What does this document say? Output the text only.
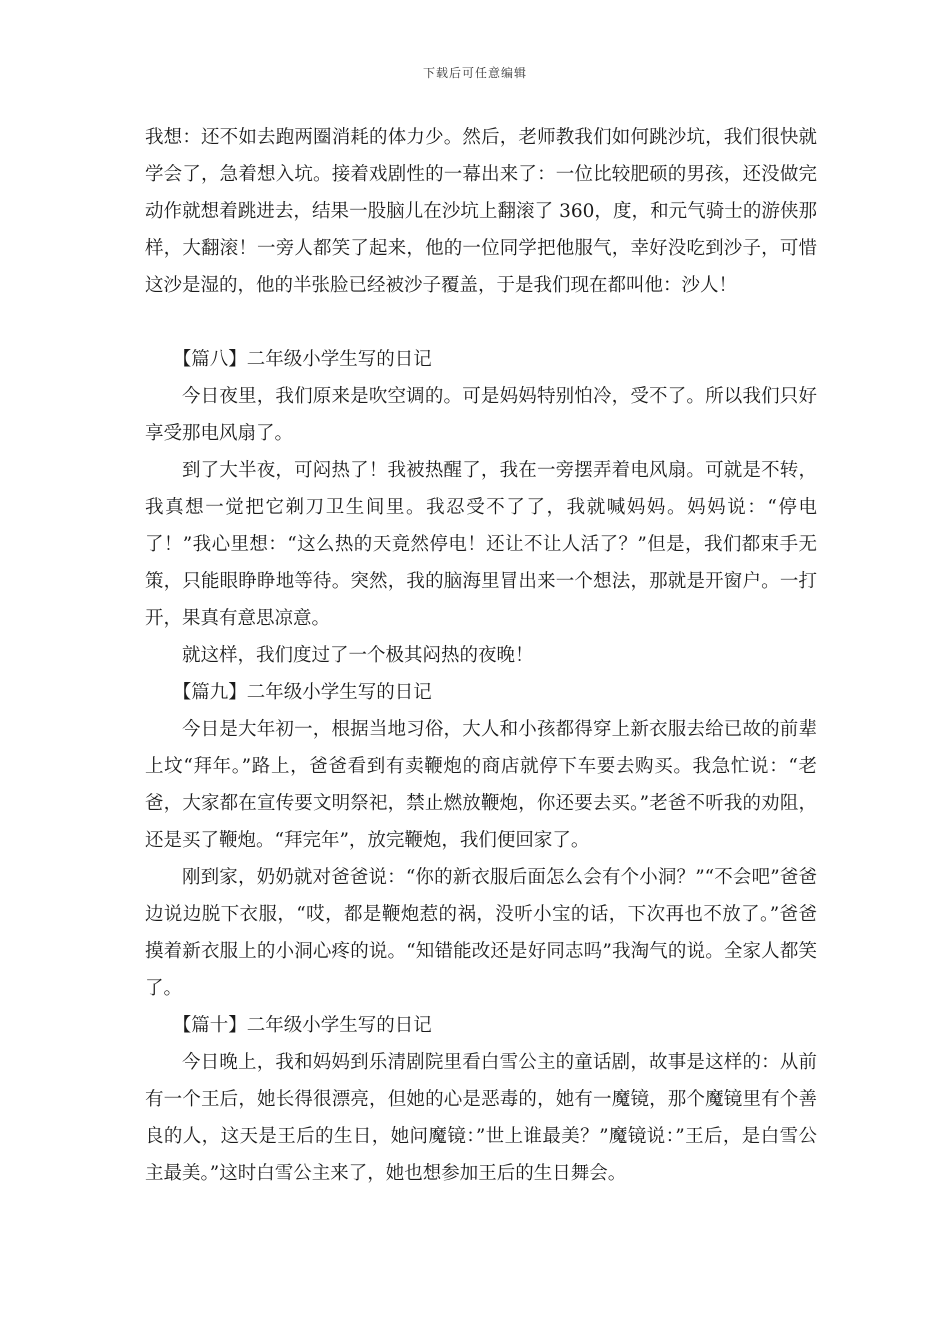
下载后可任意编辑

我想：还不如去跑两圈消耗的体力少。然后，老师教我们如何跳沙坑，我们很快就学会了，急着想入坑。接着戏剧性的一幕出来了：一位比较肥硕的男孩，还没做完动作就想着跳进去，结果一股脑儿在沙坑上翻滚了 360，度，和元气骑士的游侠那样，大翻滚！一旁人都笑了起来，他的一位同学把他服气，幸好没吃到沙子，可惜这沙是湿的，他的半张脸已经被沙子覆盖，于是我们现在都叫他：沙人！

【篇八】二年级小学生写的日记

今日夜里，我们原来是吹空调的。可是妈妈特别怕冷，受不了。所以我们只好享受那电风扇了。

到了大半夜，可闷热了！我被热醒了，我在一旁摆弄着电风扇。可就是不转，我真想一觉把它剃刀卫生间里。我忍受不了了，我就喊妈妈。妈妈说：“停电了！”我心里想：“这么热的天竟然停电！还让不让人活了？”但是，我们都束手无策，只能眼睁睁地等待。突然，我的脑海里冒出来一个想法，那就是开窗户。一打开，果真有意思凉意。

就这样，我们度过了一个极其闷热的夜晚！

【篇九】二年级小学生写的日记

今日是大年初一，根据当地习俗，大人和小孩都得穿上新衣服去给已故的前辈上坟“拜年。”路上，爸爸看到有卖鞭炮的商店就停下车要去购买。我急忙说：“老爸，大家都在宣传要文明祭祀，禁止燃放鞭炮，你还要去买。”老爸不听我的劝阻，还是买了鞭炮。“拜完年”，放完鞭炮，我们便回家了。

刚到家，奶奶就对爸爸说：“你的新衣服后面怎么会有个小洞？”“不会吧”爸爸边说边脱下衣服，“哎，都是鞭炮惹的祸，没听小宝的话，下次再也不放了。”爸爸摸着新衣服上的小洞心疼的说。“知错能改还是好同志吗”我淘气的说。全家人都笑了。

【篇十】二年级小学生写的日记

今日晚上，我和妈妈到乐清剧院里看白雪公主的童话剧，故事是这样的：从前有一个王后，她长得很漂亮，但她的心是恶毒的，她有一魔镜，那个魔镜里有个善良的人，这天是王后的生日，她问魔镜：”世上谁最美？”魔镜说：”王后，是白雪公主最美。”这时白雪公主来了，她也想参加王后的生日舞会。
